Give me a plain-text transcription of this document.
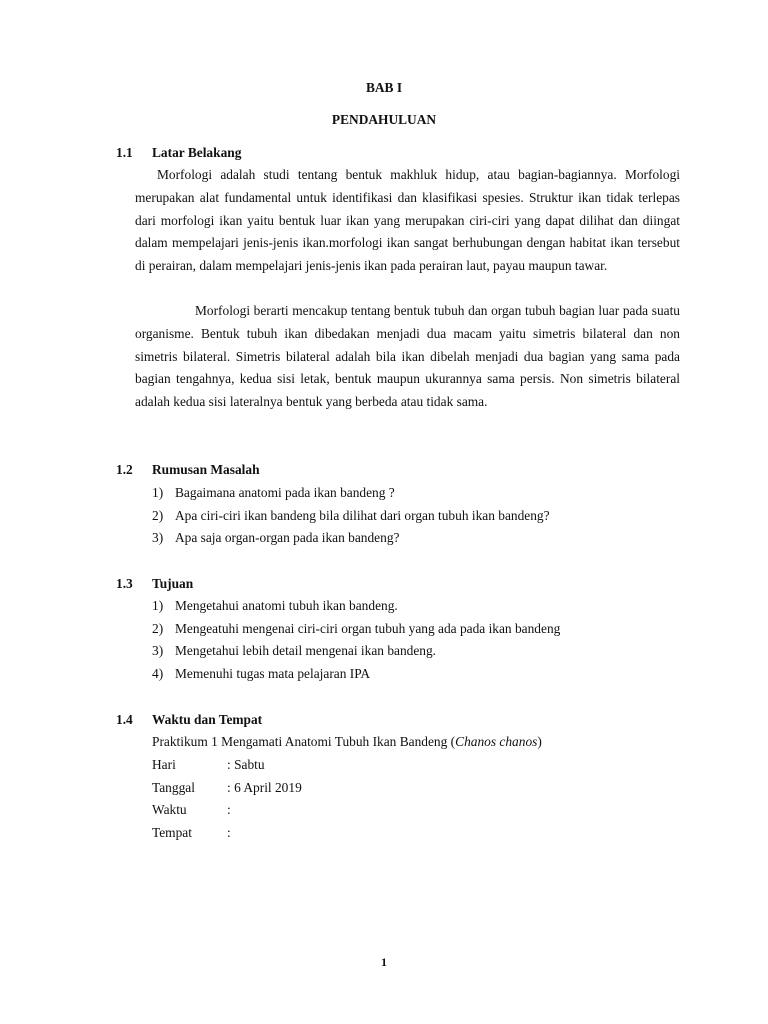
BAB I
PENDAHULUAN
1.1 Latar Belakang

Morfologi adalah studi tentang bentuk makhluk hidup, atau bagian-bagiannya. Morfologi merupakan alat fundamental untuk identifikasi dan klasifikasi spesies. Struktur ikan tidak terlepas dari morfologi ikan yaitu bentuk luar ikan yang merupakan ciri-ciri yang dapat dilihat dan diingat dalam mempelajari jenis-jenis ikan.morfologi ikan sangat berhubungan dengan habitat ikan tersebut di perairan, dalam mempelajari jenis-jenis ikan pada perairan laut, payau maupun tawar.

Morfologi berarti mencakup tentang bentuk tubuh dan organ tubuh bagian luar pada suatu organisme. Bentuk tubuh ikan dibedakan menjadi dua macam yaitu simetris bilateral dan non simetris bilateral. Simetris bilateral adalah bila ikan dibelah menjadi dua bagian yang sama pada bagian tengahnya, kedua sisi letak, bentuk maupun ukurannya sama persis. Non simetris bilateral adalah kedua sisi lateralnya bentuk yang berbeda atau tidak sama.

1.2 Rumusan Masalah
1) Bagaimana anatomi pada ikan bandeng ?
2) Apa ciri-ciri ikan bandeng bila dilihat dari organ tubuh ikan bandeng?
3) Apa saja organ-organ pada ikan bandeng?
1.3 Tujuan
1) Mengetahui anatomi tubuh ikan bandeng.
2) Mengeatuhi mengenai ciri-ciri organ tubuh yang ada pada ikan bandeng
3) Mengetahui lebih detail mengenai ikan bandeng.
4) Memenuhi tugas mata pelajaran IPA
1.4 Waktu dan Tempat
Praktikum 1 Mengamati Anatomi Tubuh Ikan Bandeng (Chanos chanos)
Hari	: Sabtu
Tanggal : 6 April 2019
Waktu	:
Tempat	:
1
